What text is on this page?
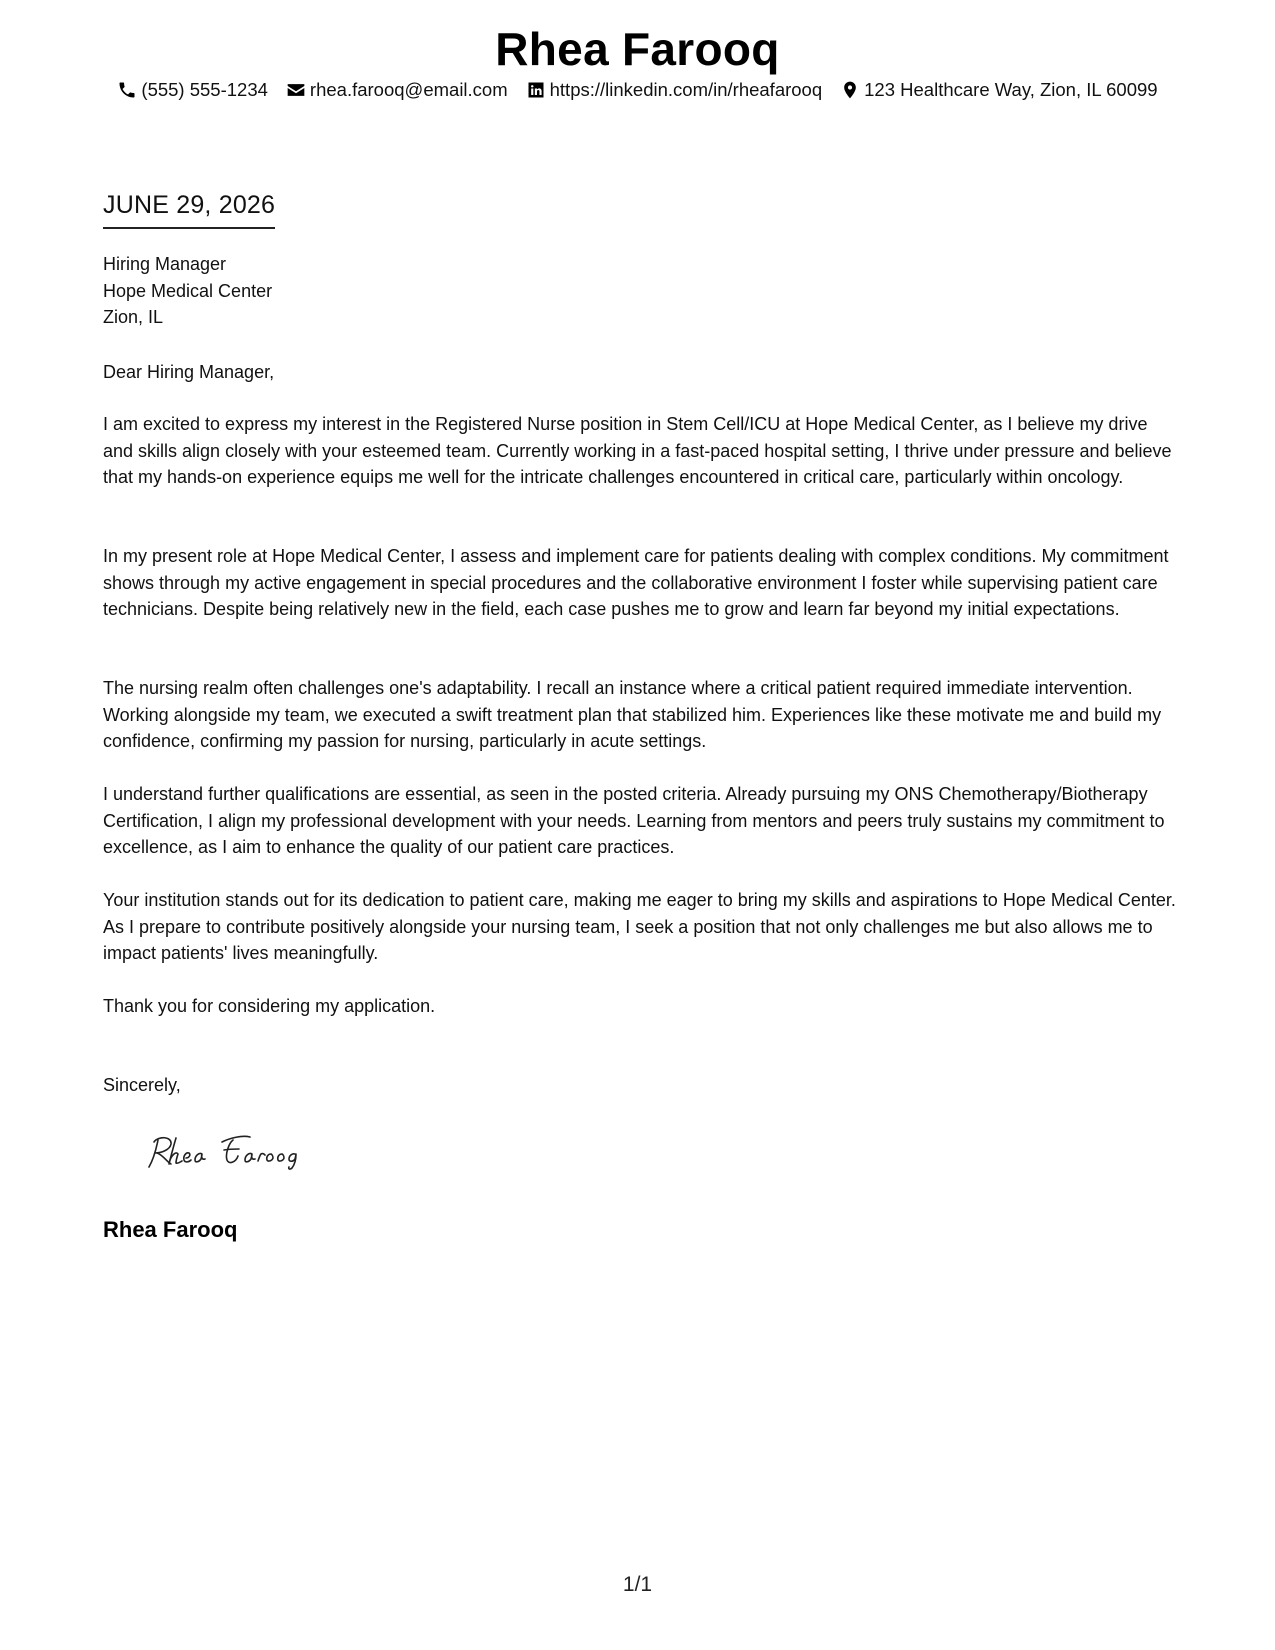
Rhea Farooq
(555) 555-1234 rhea.farooq@email.com https://linkedin.com/in/rheafarooq 123 Healthcare Way, Zion, IL 60099
JUNE 29, 2026
Hiring Manager
Hope Medical Center
Zion, IL
Dear Hiring Manager,

I am excited to express my interest in the Registered Nurse position in Stem Cell/ICU at Hope Medical Center, as I believe my drive and skills align closely with your esteemed team. Currently working in a fast-paced hospital setting, I thrive under pressure and believe that my hands-on experience equips me well for the intricate challenges encountered in critical care, particularly within oncology.

In my present role at Hope Medical Center, I assess and implement care for patients dealing with complex conditions. My commitment shows through my active engagement in special procedures and the collaborative environment I foster while supervising patient care technicians. Despite being relatively new in the field, each case pushes me to grow and learn far beyond my initial expectations.

The nursing realm often challenges one's adaptability. I recall an instance where a critical patient required immediate intervention. Working alongside my team, we executed a swift treatment plan that stabilized him. Experiences like these motivate me and build my confidence, confirming my passion for nursing, particularly in acute settings.

I understand further qualifications are essential, as seen in the posted criteria. Already pursuing my ONS Chemotherapy/Biotherapy Certification, I align my professional development with your needs. Learning from mentors and peers truly sustains my commitment to excellence, as I aim to enhance the quality of our patient care practices.

Your institution stands out for its dedication to patient care, making me eager to bring my skills and aspirations to Hope Medical Center. As I prepare to contribute positively alongside your nursing team, I seek a position that not only challenges me but also allows me to impact patients' lives meaningfully.

Thank you for considering my application.
Sincerely,
Rhea Farooq
1/1
